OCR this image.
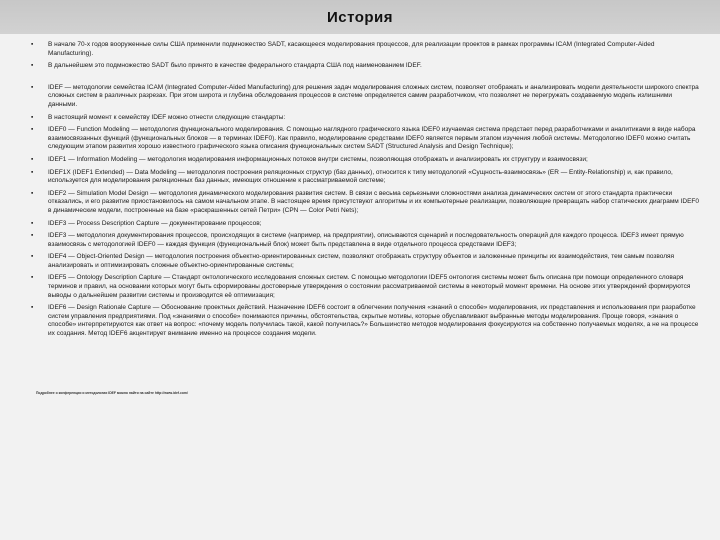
История
▪ В начале 70-х годов вооруженные силы США применили подмножество SADT, касающееся моделирования процессов, для реализации проектов в рамках программы ICAM (Integrated Computer-Aided Manufacturing).
▪ В дальнейшем это подмножество SADT было принято в качестве федерального стандарта США под наименованием IDEF.
▪ IDEF — методологии семейства ICAM (Integrated Computer-Aided Manufacturing) для решения задач моделирования сложных систем, позволяет отображать и анализировать модели деятельности широкого спектра сложных систем в различных разрезах. При этом широта и глубина обследования процессов в системе определяется самим разработчиком, что позволяет не перегружать создаваемую модель излишними данными.
▪ В настоящий момент к семейству IDEF можно отнести следующие стандарты:
▪ IDEF0 — Function Modeling — методология функционального моделирования. С помощью наглядного графического языка IDEF0 изучаемая система предстает перед разработчиками и аналитиками в виде набора взаимосвязанных функций (функциональных блоков — в терминах IDEF0). Как правило, моделирование средствами IDEF0 является первым этапом изучения любой системы. Методологию IDEF0 можно считать следующим этапом развития хорошо известного графического языка описания функциональных систем SADT (Structured Analysis and Design Technique);
▪ IDEF1 — Information Modeling — методология моделирования информационных потоков внутри системы, позволяющая отображать и анализировать их структуру и взаимосвязи;
▪ IDEF1X (IDEF1 Extended) — Data Modeling — методология построения реляционных структур (баз данных), относится к типу методологий «Сущность-взаимосвязь» (ER — Entity-Relationship) и, как правило, используется для моделирования реляционных баз данных, имеющих отношение к рассматриваемой системе;
▪ IDEF2 — Simulation Model Design — методология динамического моделирования развития систем. В связи с весьма серьезными сложностями анализа динамических систем от этого стандарта практически отказались, и его развитие приостановилось на самом начальном этапе. В настоящее время присутствуют алгоритмы и их компьютерные реализации, позволяющие превращать набор статических диаграмм IDEF0 в динамические модели, построенные на базе «раскрашенных сетей Петри» (CPN — Color Petri Nets);
▪ IDEF3 — Process Description Capture — документирование процессов;
▪ IDEF3 — методология документирования процессов, происходящих в системе (например, на предприятии), описываются сценарий и последовательность операций для каждого процесса. IDEF3 имеет прямую взаимосвязь с методологией IDEF0 — каждая функция (функциональный блок) может быть представлена в виде отдельного процесса средствами IDEF3;
▪ IDEF4 — Object-Oriented Design — методология построения объектно-ориентированных систем, позволяют отображать структуру объектов и заложенные принципы их взаимодействия, тем самым позволяя анализировать и оптимизировать сложные объектно-ориентированные системы;
▪ IDEF5 — Ontology Description Capture — Стандарт онтологического исследования сложных систем. С помощью методологии IDEF5 онтология системы может быть описана при помощи определенного словаря терминов и правил, на основании которых могут быть сформированы достоверные утверждения о состоянии рассматриваемой системы в некоторый момент времени. На основе этих утверждений формируются выводы о дальнейшем развитии системы и производится её оптимизация;
▪ IDEF6 — Design Rationale Capture — Обоснование проектных действий. Назначение IDEF6 состоит в облегчении получения «знаний о способе» моделирования, их представления и использования при разработке систем управления предприятиями. Под «знаниями о способе» понимаются причины, обстоятельства, скрытые мотивы, которые обуславливают выбранные методы моделирования. Проще говоря, «знания о способе» интерпретируются как ответ на вопрос: «почему модель получилась такой, какой получилась?» Большинство методов моделирования фокусируются на собственно получаемых моделях, а не на процессе их создания. Метод IDEF6 акцентирует внимание именно на процессе создания модели.
Подробнее о конференции и методологии IDEF можно найти на сайте http://www.idef.com/
